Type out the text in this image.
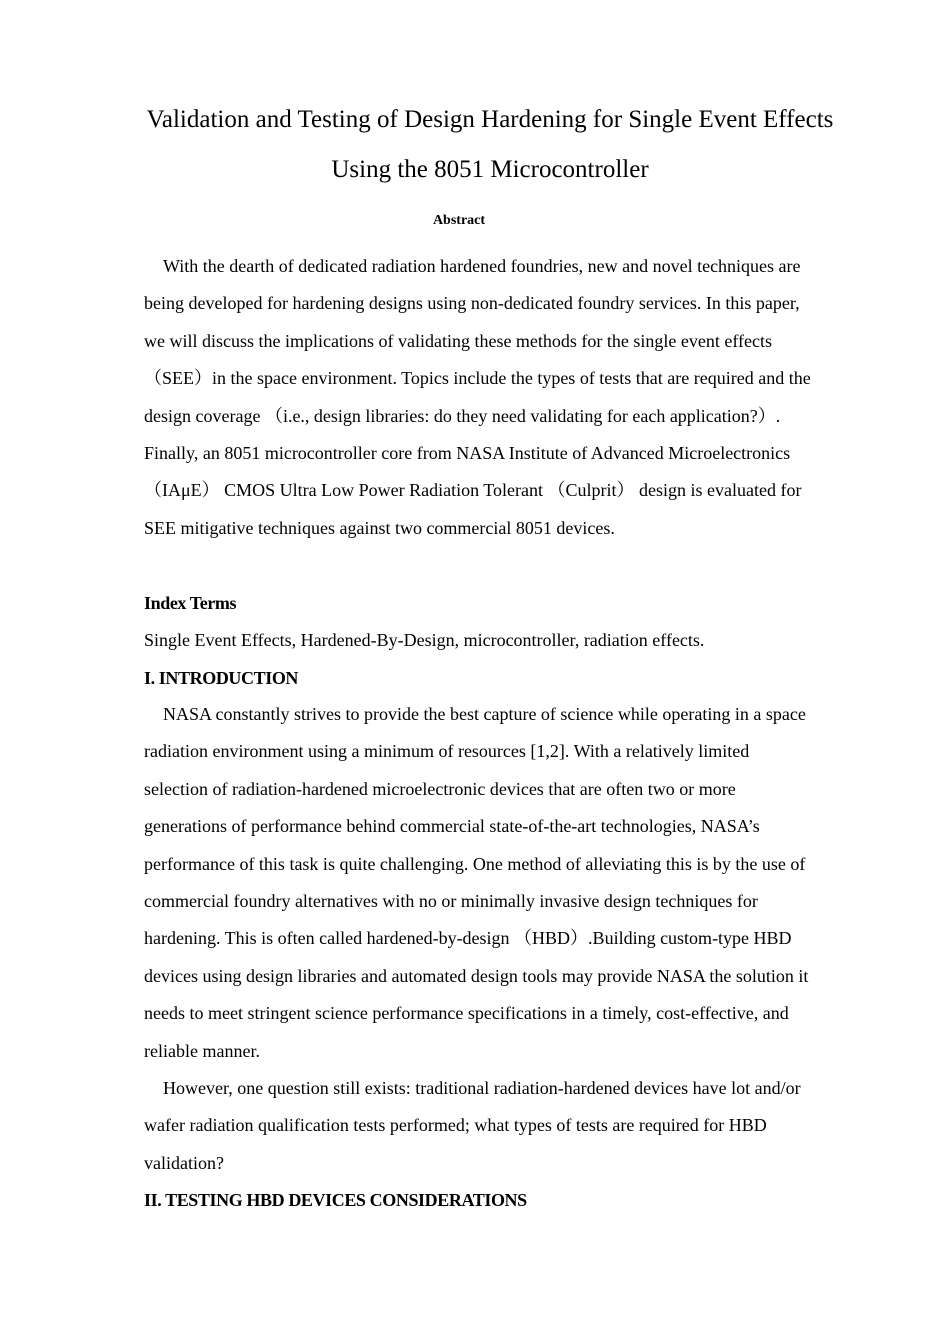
Validation and Testing of Design Hardening for Single Event Effects Using the 8051 Microcontroller
Abstract

With the dearth of dedicated radiation hardened foundries, new and novel techniques are being developed for hardening designs using non-dedicated foundry services. In this paper, we will discuss the implications of validating these methods for the single event effects（SEE）in the space environment. Topics include the types of tests that are required and the design coverage （i.e., design libraries: do they need validating for each application?）. Finally, an 8051 microcontroller core from NASA Institute of Advanced Microelectronics （IAμE） CMOS Ultra Low Power Radiation Tolerant （Culprit） design is evaluated for SEE mitigative techniques against two commercial 8051 devices.

Index Terms

Single Event Effects, Hardened-By-Design, microcontroller, radiation effects.

I. INTRODUCTION

NASA constantly strives to provide the best capture of science while operating in a space radiation environment using a minimum of resources [1,2]. With a relatively limited selection of radiation-hardened microelectronic devices that are often two or more generations of performance behind commercial state-of-the-art technologies, NASA’s performance of this task is quite challenging. One method of alleviating this is by the use of commercial foundry alternatives with no or minimally invasive design techniques for hardening. This is often called hardened-by-design （HBD）.Building custom-type HBD devices using design libraries and automated design tools may provide NASA the solution it needs to meet stringent science performance specifications in a timely, cost-effective, and reliable manner.

However, one question still exists: traditional radiation-hardened devices have lot and/or wafer radiation qualification tests performed; what types of tests are required for HBD validation?

II. TESTING HBD DEVICES CONSIDERATIONS
